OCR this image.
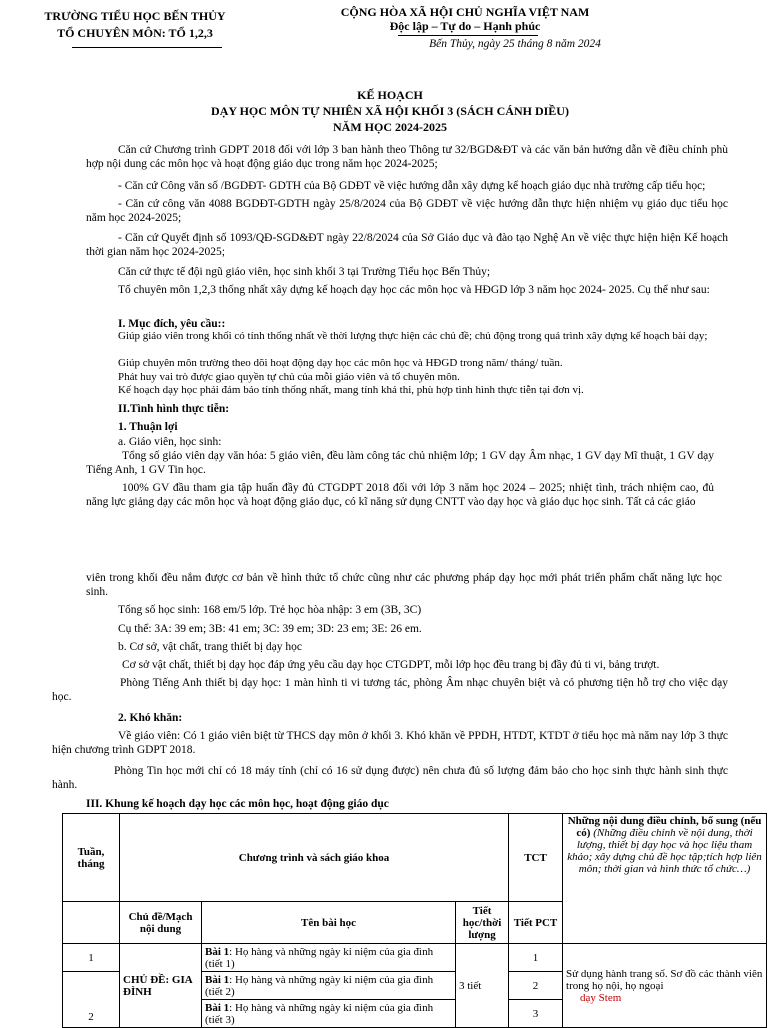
TRƯỜNG TIỂU HỌC BẾN THỦY
TỔ CHUYÊN MÔN: TỔ 1,2,3
CỘNG HÒA XÃ HỘI CHỦ NGHĨA VIỆT NAM
Độc lập – Tự do – Hạnh phúc
Bến Thủy, ngày 25 tháng 8 năm 2024
KẾ HOẠCH
DẠY HỌC MÔN TỰ NHIÊN XÃ HỘI KHỐI 3 (SÁCH CÁNH DIỀU)
NĂM HỌC 2024-2025
Căn cứ Chương trình GDPT 2018 đối với lớp 3 ban hành theo Thông tư 32/BGD&ĐT và các văn bản hướng dẫn về điều chỉnh phù hợp nội dung các môn học và hoạt động giáo dục trong năm học 2024-2025;
- Căn cứ Công văn số /BGDĐT- GDTH của Bộ GDĐT về việc hướng dẫn xây dựng kế hoạch giáo dục nhà trường cấp tiểu học;
- Căn cứ công văn 4088 BGDĐT-GDTH ngày 25/8/2024 của Bộ GDĐT về việc hướng dẫn thực hiện nhiệm vụ giáo dục tiểu học năm học 2024-2025;
- Căn cứ Quyết định số 1093/QĐ-SGD&ĐT ngày 22/8/2024 của Sở Giáo dục và đào tạo Nghệ An về việc thực hiện hiện Kế hoạch thời gian năm học 2024-2025;
Căn cứ thực tế đội ngũ giáo viên, học sinh khối 3 tại Trường Tiểu học Bến Thủy;
Tổ chuyên môn 1,2,3 thống nhất xây dựng kế hoạch dạy học các môn học và HĐGD lớp 3 năm học 2024- 2025. Cụ thể như sau:
I. Mục đích, yêu cầu::
Giúp giáo viên trong khối có tính thống nhất về thời lượng thực hiện các chủ đề; chủ động trong quá trình xây dựng kế hoạch bài dạy;
Giúp chuyên môn trường theo dõi hoạt động dạy học các môn học và HĐGD trong năm/ tháng/ tuần.
Phát huy vai trò được giao quyền tự chủ của mỗi giáo viên và tổ chuyên môn.
Kế hoạch dạy học phải đảm bảo tính thống nhất, mang tính khả thi, phù hợp tình hình thực tiễn tại đơn vị.
II.Tình hình thực tiễn:
1. Thuận lợi
a. Giáo viên, học sinh:
Tổng số giáo viên dạy văn hóa: 5 giáo viên, đều làm công tác chủ nhiệm lớp; 1 GV dạy Âm nhạc, 1 GV dạy Mĩ thuật, 1 GV dạy Tiếng Anh, 1 GV Tin học.
100% GV đầu tham gia tập huấn đầy đủ CTGDPT 2018 đối với lớp 3 năm học 2024 – 2025; nhiệt tình, trách nhiệm cao, đủ năng lực giảng dạy các môn học và hoạt động giáo dục, có kĩ năng sử dụng CNTT vào dạy học và giáo dục học sinh. Tất cả các giáo
viên trong khối đều nắm được cơ bản về hình thức tổ chức cũng như các phương pháp dạy học mới phát triển phẩm chất năng lực học sinh.
Tổng số học sinh: 168 em/5 lớp. Trẻ học hòa nhập: 3 em (3B, 3C)
Cụ thể: 3A: 39 em; 3B: 41 em; 3C: 39 em; 3D: 23 em; 3E: 26 em.
b. Cơ sở, vật chất, trang thiết bị dạy học
Cơ sở vật chất, thiết bị dạy học đáp ứng yêu cầu dạy học CTGDPT, mỗi lớp học đều trang bị đầy đủ ti vi, bảng trượt.
Phòng Tiếng Anh thiết bị dạy học: 1 màn hình ti vi tương tác, phòng Âm nhạc chuyên biệt và có phương tiện hỗ trợ cho việc dạy học.
2. Khó khăn:
Về giáo viên: Có 1 giáo viên biệt từ THCS dạy môn ở khối 3. Khó khăn về PPDH, HTDT, KTDT ở tiểu học mà năm nay lớp 3 thực hiện chương trình GDPT 2018.
Phòng Tin học mới chỉ có 18 máy tính (chỉ có 16 sử dụng được) nên chưa đủ số lượng đảm bảo cho học sinh thực hành sinh thực hành.
III. Khung kế hoạch dạy học các môn học, hoạt động giáo dục
Tuần, tháng	Chương trình và sách giáo khoa			TCT	Những nội dung điều chỉnh, bổ sung (nếu có) (Những điều chỉnh về nội dung, thời lượng, thiết bị dạy học và học liệu tham khảo; xây dựng chủ đề học tập;tích hợp liên môn; thời gian và hình thức tổ chức…)
	Chủ đề/Mạch nội dung	Tên bài học	Tiết học/thời lượng	Tiết PCT	
1	CHỦ ĐỀ: GIA ĐÌNH	Bài 1: Họ hàng và những ngày kỉ niệm của gia đình (tiết 1)	3 tiết	1	Sử dụng hành trang số. Sơ đồ các thành viên trong họ nội, họ ngoại
dạy Stem

2		Bài 1: Họ hàng và những ngày kỉ niệm của gia đình (tiết 2)		2	
		Bài 1: Họ hàng và những ngày kỉ niệm của gia đình (tiết 3)		3	
